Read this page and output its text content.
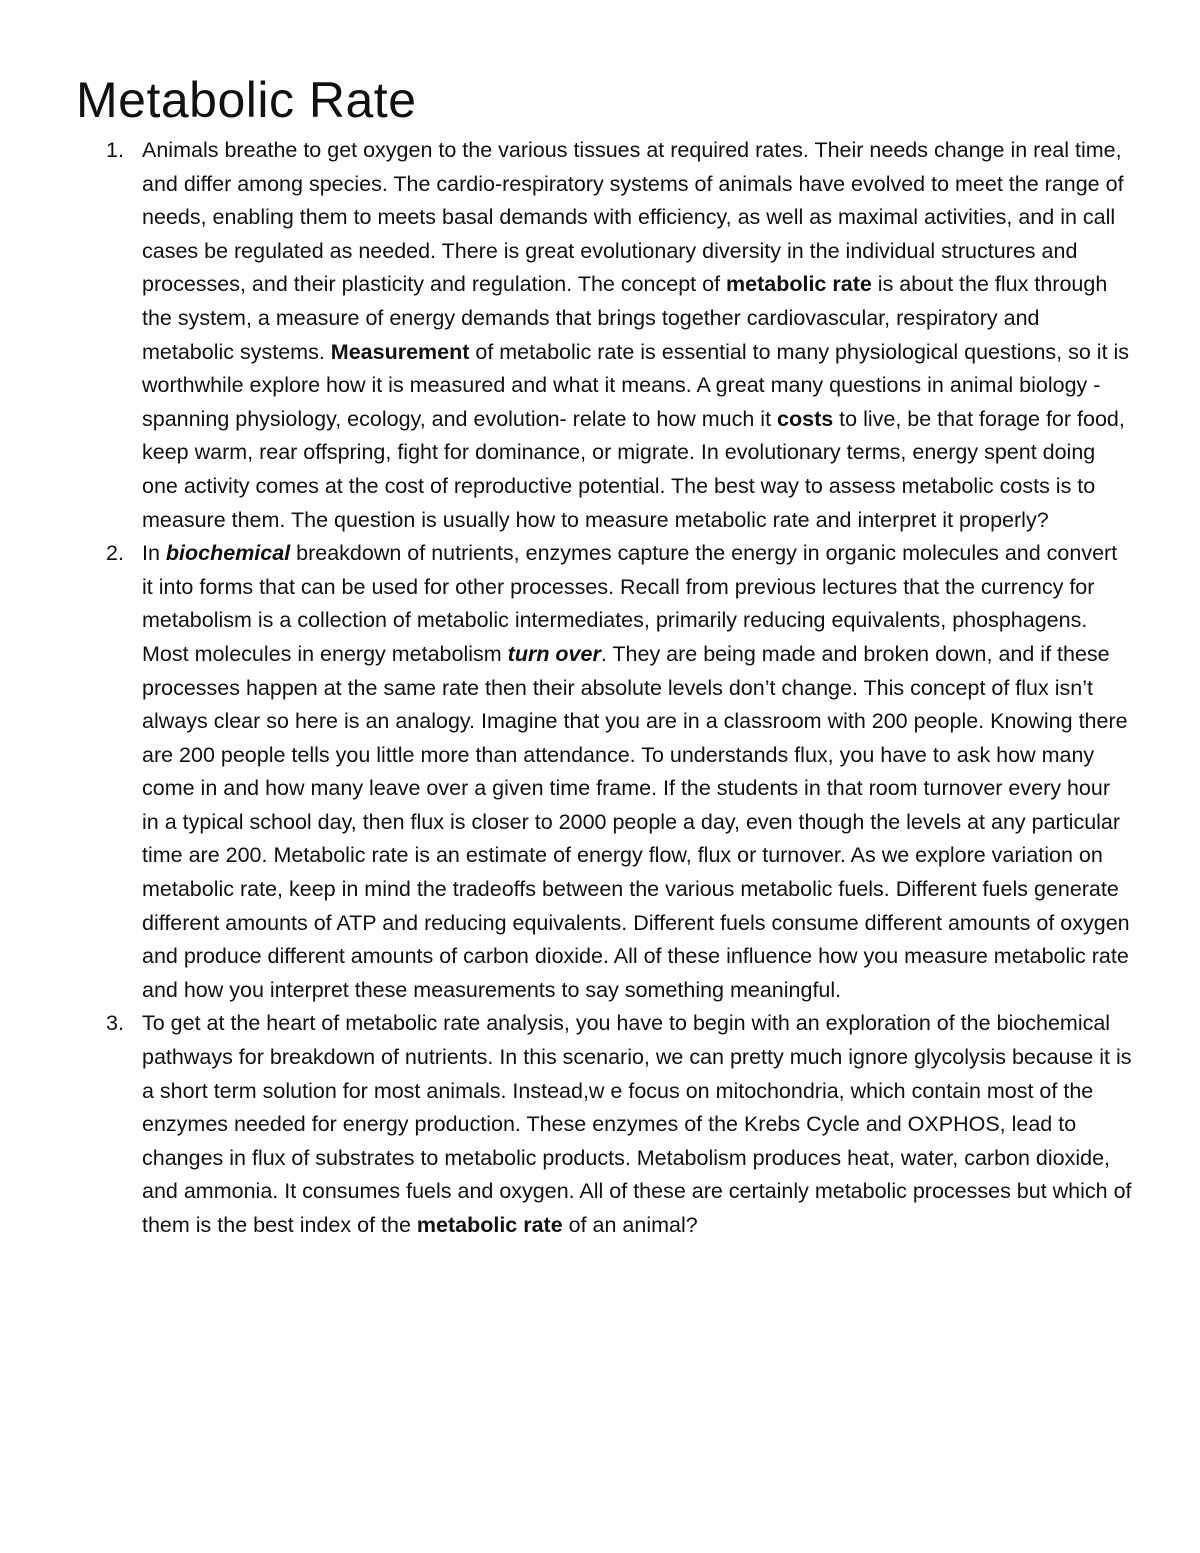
Metabolic Rate
1. Animals breathe to get oxygen to the various tissues at required rates. Their needs change in real time, and differ among species. The cardio-respiratory systems of animals have evolved to meet the range of needs, enabling them to meets basal demands with efficiency, as well as maximal activities, and in call cases be regulated as needed. There is great evolutionary diversity in the individual structures and processes, and their plasticity and regulation. The concept of metabolic rate is about the flux through the system, a measure of energy demands that brings together cardiovascular, respiratory and metabolic systems. Measurement of metabolic rate is essential to many physiological questions, so it is worthwhile explore how it is measured and what it means. A great many questions in animal biology -spanning physiology, ecology, and evolution- relate to how much it costs to live, be that forage for food, keep warm, rear offspring, fight for dominance, or migrate. In evolutionary terms, energy spent doing one activity comes at the cost of reproductive potential. The best way to assess metabolic costs is to measure them. The question is usually how to measure metabolic rate and interpret it properly?

2. In biochemical breakdown of nutrients, enzymes capture the energy in organic molecules and convert it into forms that can be used for other processes. Recall from previous lectures that the currency for metabolism is a collection of metabolic intermediates, primarily reducing equivalents, phosphagens. Most molecules in energy metabolism turn over. They are being made and broken down, and if these processes happen at the same rate then their absolute levels don’t change. This concept of flux isn’t always clear so here is an analogy. Imagine that you are in a classroom with 200 people. Knowing there are 200 people tells you little more than attendance. To understands flux, you have to ask how many come in and how many leave over a given time frame. If the students in that room turnover every hour in a typical school day, then flux is closer to 2000 people a day, even though the levels at any particular time are 200. Metabolic rate is an estimate of energy flow, flux or turnover. As we explore variation on metabolic rate, keep in mind the tradeoffs between the various metabolic fuels. Different fuels generate different amounts of ATP and reducing equivalents. Different fuels consume different amounts of oxygen and produce different amounts of carbon dioxide. All of these influence how you measure metabolic rate and how you interpret these measurements to say something meaningful.

3. To get at the heart of metabolic rate analysis, you have to begin with an exploration of the biochemical pathways for breakdown of nutrients. In this scenario, we can pretty much ignore glycolysis because it is a short term solution for most animals. Instead,w e focus on mitochondria, which contain most of the enzymes needed for energy production. These enzymes of the Krebs Cycle and OXPHOS, lead to changes in flux of substrates to metabolic products. Metabolism produces heat, water, carbon dioxide, and ammonia. It consumes fuels and oxygen. All of these are certainly metabolic processes but which of them is the best index of the metabolic rate of an animal?
